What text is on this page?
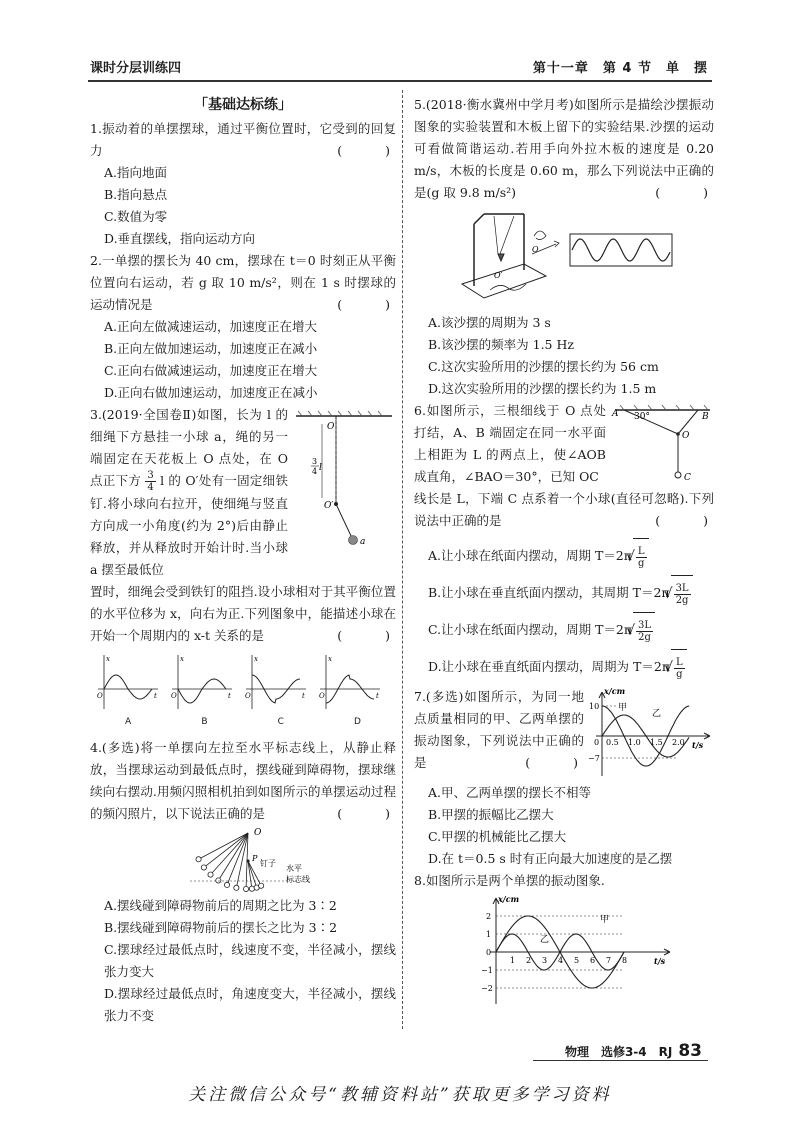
课时分层训练四	第十一章　第 4 节　单　摆
「基础达标练」

1.振动着的单摆摆球，通过平衡位置时，它受到的回复力	(　　)

A.指向地面

B.指向悬点

C.数值为零

D.垂直摆线，指向运动方向

2.一单摆的摆长为 40 cm，摆球在 t＝0 时刻正从平衡位置向右运动，若 g 取 10 m/s²，则在 1 s 时摆球的运动情况是	(　　)

A.正向左做减速运动，加速度正在增大

B.正向左做加速运动，加速度正在减小

C.正向右做减速运动，加速度正在增大

D.正向右做加速运动，加速度正在减小

3.(2019·全国卷Ⅱ)如图，长为 l 的细绳下方悬挂一小球 a，绳的另一端固定在天花板上 O 点处，在 O 点正下方 $\frac{3}{4}$ l 的 O′处有一固定细铁钉.将小球向右拉开，使细绳与竖直方向成一小角度(约为 2°)后由静止释放，并从释放时开始计时.当小球 a 摆至最低位

O
O′
3
4 l
a

置时，细绳会受到铁钉的阻挡.设小球相对于其平衡位置的水平位移为 x，向右为正.下列图象中，能描述小球在开始一个周期内的 x-t 关系的是	(　　)

x
t
O
x
t
O
x
t
O
x
t
O
A	B	C	D

4.(多选)将一单摆向左拉至水平标志线上，从静止释放，当摆球运动到最低点时，摆线碰到障碍物，摆球继续向右摆动.用频闪照相机拍到如图所示的单摆运动过程的频闪照片，以下说法正确的是	(　　)

O
P
钉子
水平
标志线

A.摆线碰到障碍物前后的周期之比为 3∶2

B.摆线碰到障碍物前后的摆长之比为 3∶2

C.摆球经过最低点时，线速度不变，半径减小，摆线张力变大

D.摆球经过最低点时，角速度变大，半径减小，摆线张力不变

5.(2018·衡水冀州中学月考)如图所示是描绘沙摆振动图象的实验装置和木板上留下的实验结果.沙摆的运动可看做简谐运动.若用手向外拉木板的速度是 0.20 m/s，木板的长度是 0.60 m，那么下列说法中正确的是(g 取 9.8 m/s²)	(　　)

O
O′

A.该沙摆的周期为 3 s

B.该沙摆的频率为 1.5 Hz

C.这次实验所用的沙摆的摆长约为 56 cm

D.这次实验所用的沙摆的摆长约为 1.5 m

6.如图所示，三根细线于 O 点处打结，A、B 端固定在同一水平面上相距为 L 的两点上，使∠AOB 成直角，∠BAO＝30°，已知 OC

A	B
O
C
30°

线长是 L，下端 C 点系着一个小球(直径可忽略).下列说法中正确的是	(　　)

A.让小球在纸面内摆动，周期 T＝2π √ $\frac{L}{g}$

B.让小球在垂直纸面内摆动，其周期 T＝2π √ $\frac{3L}{2g}$

C.让小球在纸面内摆动，周期 T＝2π √ $\frac{3L}{2g}$

D.让小球在垂直纸面内摆动，周期为 T＝2π √ $\frac{L}{g}$

7.(多选)如图所示，为同一地点质量相同的甲、乙两单摆的振动图象，下列说法中正确的是	(　　)

x/cm
t/s
10
−7
0 0.5 1.0 1.5 2.0
甲
乙

A.甲、乙两单摆的摆长不相等

B.甲摆的振幅比乙摆大

C.甲摆的机械能比乙摆大

D.在 t＝0.5 s 时有正向最大加速度的是乙摆

8.如图所示是两个单摆的振动图象.

x/cm
t/s
2
1
0
−1
−2
1 2 3 4 5 6 7 8
甲
乙
物理　选修3-4　RJ 83
关注微信公众号“教辅资料站”获取更多学习资料
